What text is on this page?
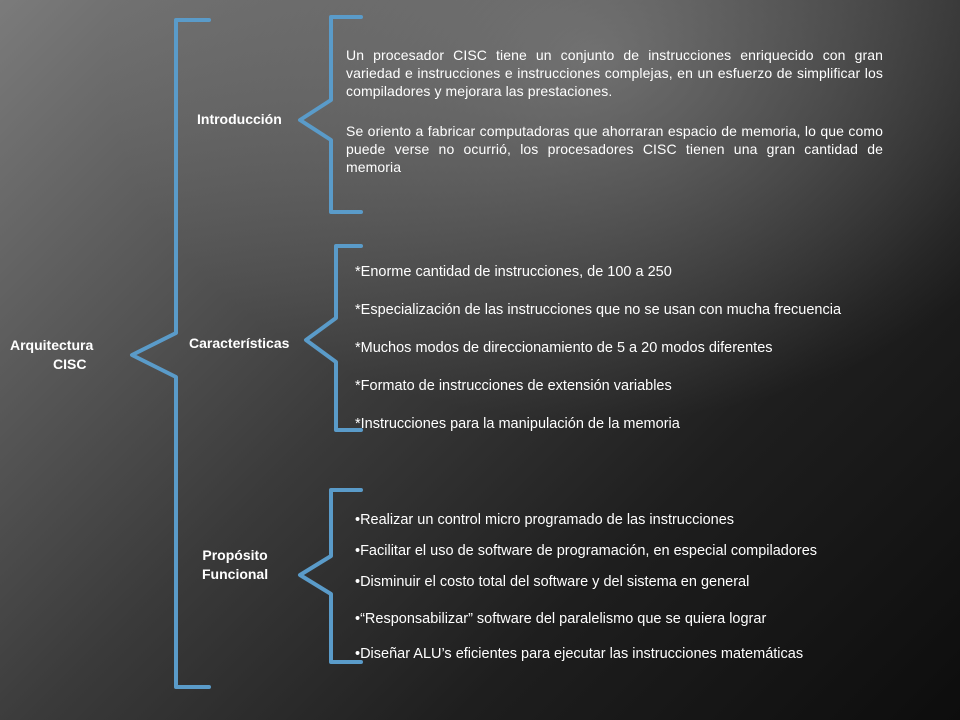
Arquitectura
CISC
Introducción
Un procesador CISC tiene un conjunto de instrucciones enriquecido con gran variedad e instrucciones e instrucciones complejas, en un esfuerzo de simplificar los compiladores y mejorara las prestaciones.
Se oriento a fabricar computadoras que ahorraran espacio de memoria, lo que como puede verse no ocurrió, los procesadores CISC tienen una gran cantidad de memoria
Características
*Enorme cantidad de instrucciones, de 100 a 250
*Especialización de las instrucciones que no se usan con mucha frecuencia
*Muchos modos de direccionamiento de 5 a 20 modos diferentes
*Formato de instrucciones de extensión variables
*Instrucciones para la manipulación de la memoria
Propósito
Funcional
•Realizar un control micro programado de las instrucciones
•Facilitar el uso de software de programación, en especial compiladores
•Disminuir el costo total del software y del sistema en general
•“Responsabilizar” software del paralelismo que se quiera lograr
•Diseñar ALU’s eficientes para ejecutar las instrucciones matemáticas
